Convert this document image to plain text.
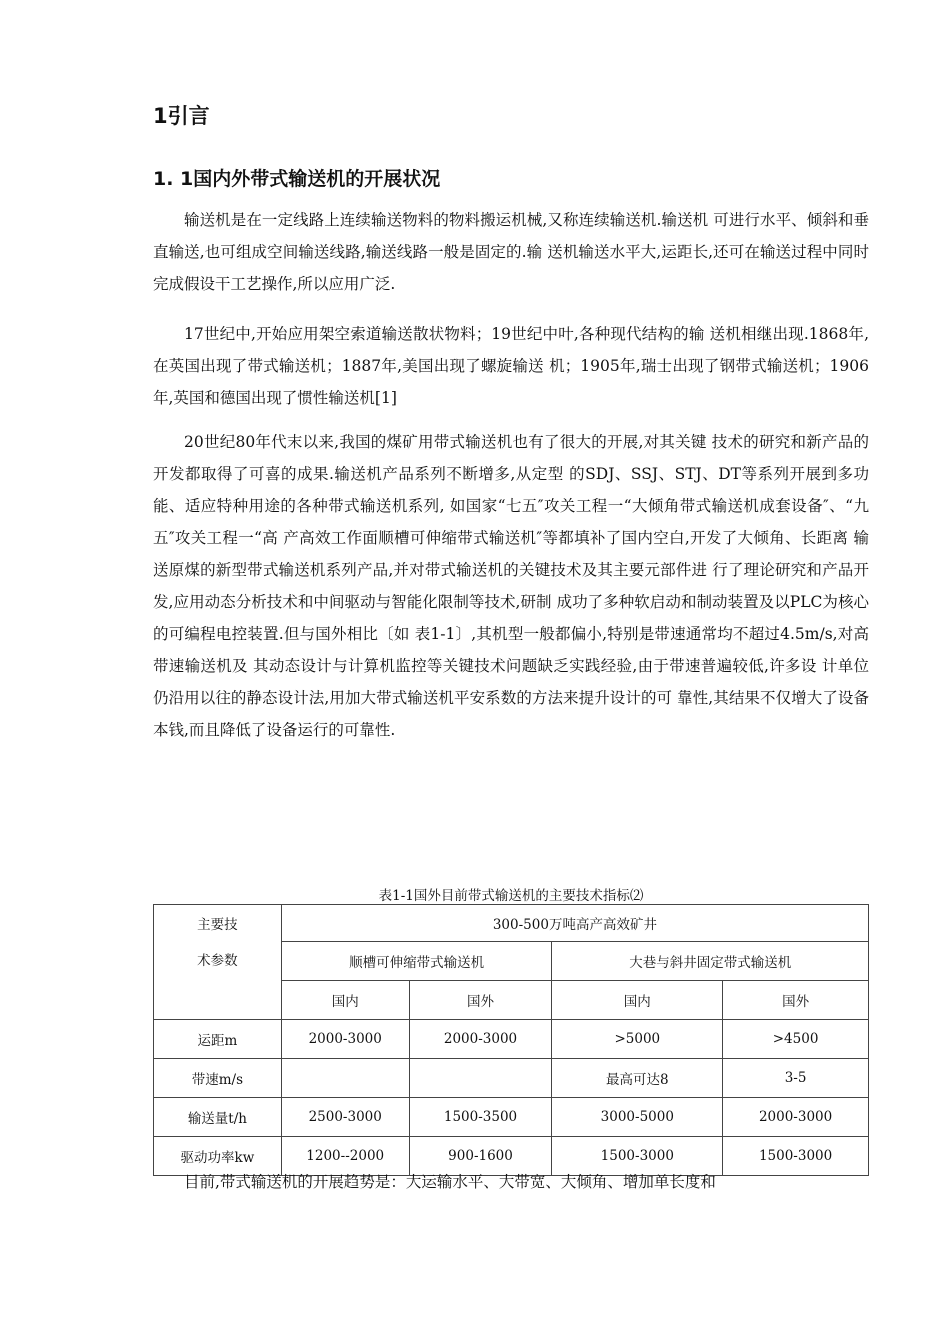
1引言
1. 1国内外带式输送机的开展状况

输送机是在一定线路上连续输送物料的物料搬运机械,又称连续输送机.输送机 可进行水平、倾斜和垂直输送,也可组成空间输送线路,输送线路一般是固定的.输 送机输送水平大,运距长,还可在输送过程中同时完成假设干工艺操作,所以应用广泛.

17世纪中,开始应用架空索道输送散状物料；19世纪中叶,各种现代结构的输 送机相继出现.1868年,在英国出现了带式输送机；1887年,美国出现了螺旋输送 机；1905年,瑞士出现了钢带式输送机；1906年,英国和德国出现了惯性输送机[1]

20世纪80年代末以来,我国的煤矿用带式输送机也有了很大的开展,对其关键 技术的研究和新产品的开发都取得了可喜的成果.输送机产品系列不断增多,从定型 的SDJ、SSJ、STJ、DT等系列开展到多功能、适应特种用途的各种带式输送机系列, 如国家“七五″攻关工程一“大倾角带式输送机成套设备″、“九五″攻关工程一“高 产高效工作面顺槽可伸缩带式输送机″等都填补了国内空白,开发了大倾角、长距离 输送原煤的新型带式输送机系列产品,并对带式输送机的关键技术及其主要元部件进 行了理论研究和产品开发,应用动态分析技术和中间驱动与智能化限制等技术,研制 成功了多种软启动和制动装置及以PLC为核心的可编程电控装置.但与国外相比〔如 表1-1〕,其机型一般都偏小,特别是带速通常均不超过4.5m/s,对高带速输送机及 其动态设计与计算机监控等关键技术问题缺乏实践经验,由于带速普遍较低,许多设 计单位仍沿用以往的静态设计法,用加大带式输送机平安系数的方法来提升设计的可 靠性,其结果不仅增大了设备本钱,而且降低了设备运行的可靠性.

表1-1国外目前带式输送机的主要技术指标⑵
主要技
术参数	300-500万吨高产高效矿井			
	顺槽可伸缩带式输送机		大巷与斜井固定带式输送机	
	国内	国外	国内	国外
运距m	2000-3000	2000-3000	>5000	>4500
带速m/s			最高可达8	3-5
输送量t/h	2500-3000	1500-3500	3000-5000	2000-3000
驱动功率kw	1200--2000	900-1600	1500-3000	1500-3000
目前,带式输送机的开展趋势是：大运输水平、大带宽、大倾角、增加单长度和
